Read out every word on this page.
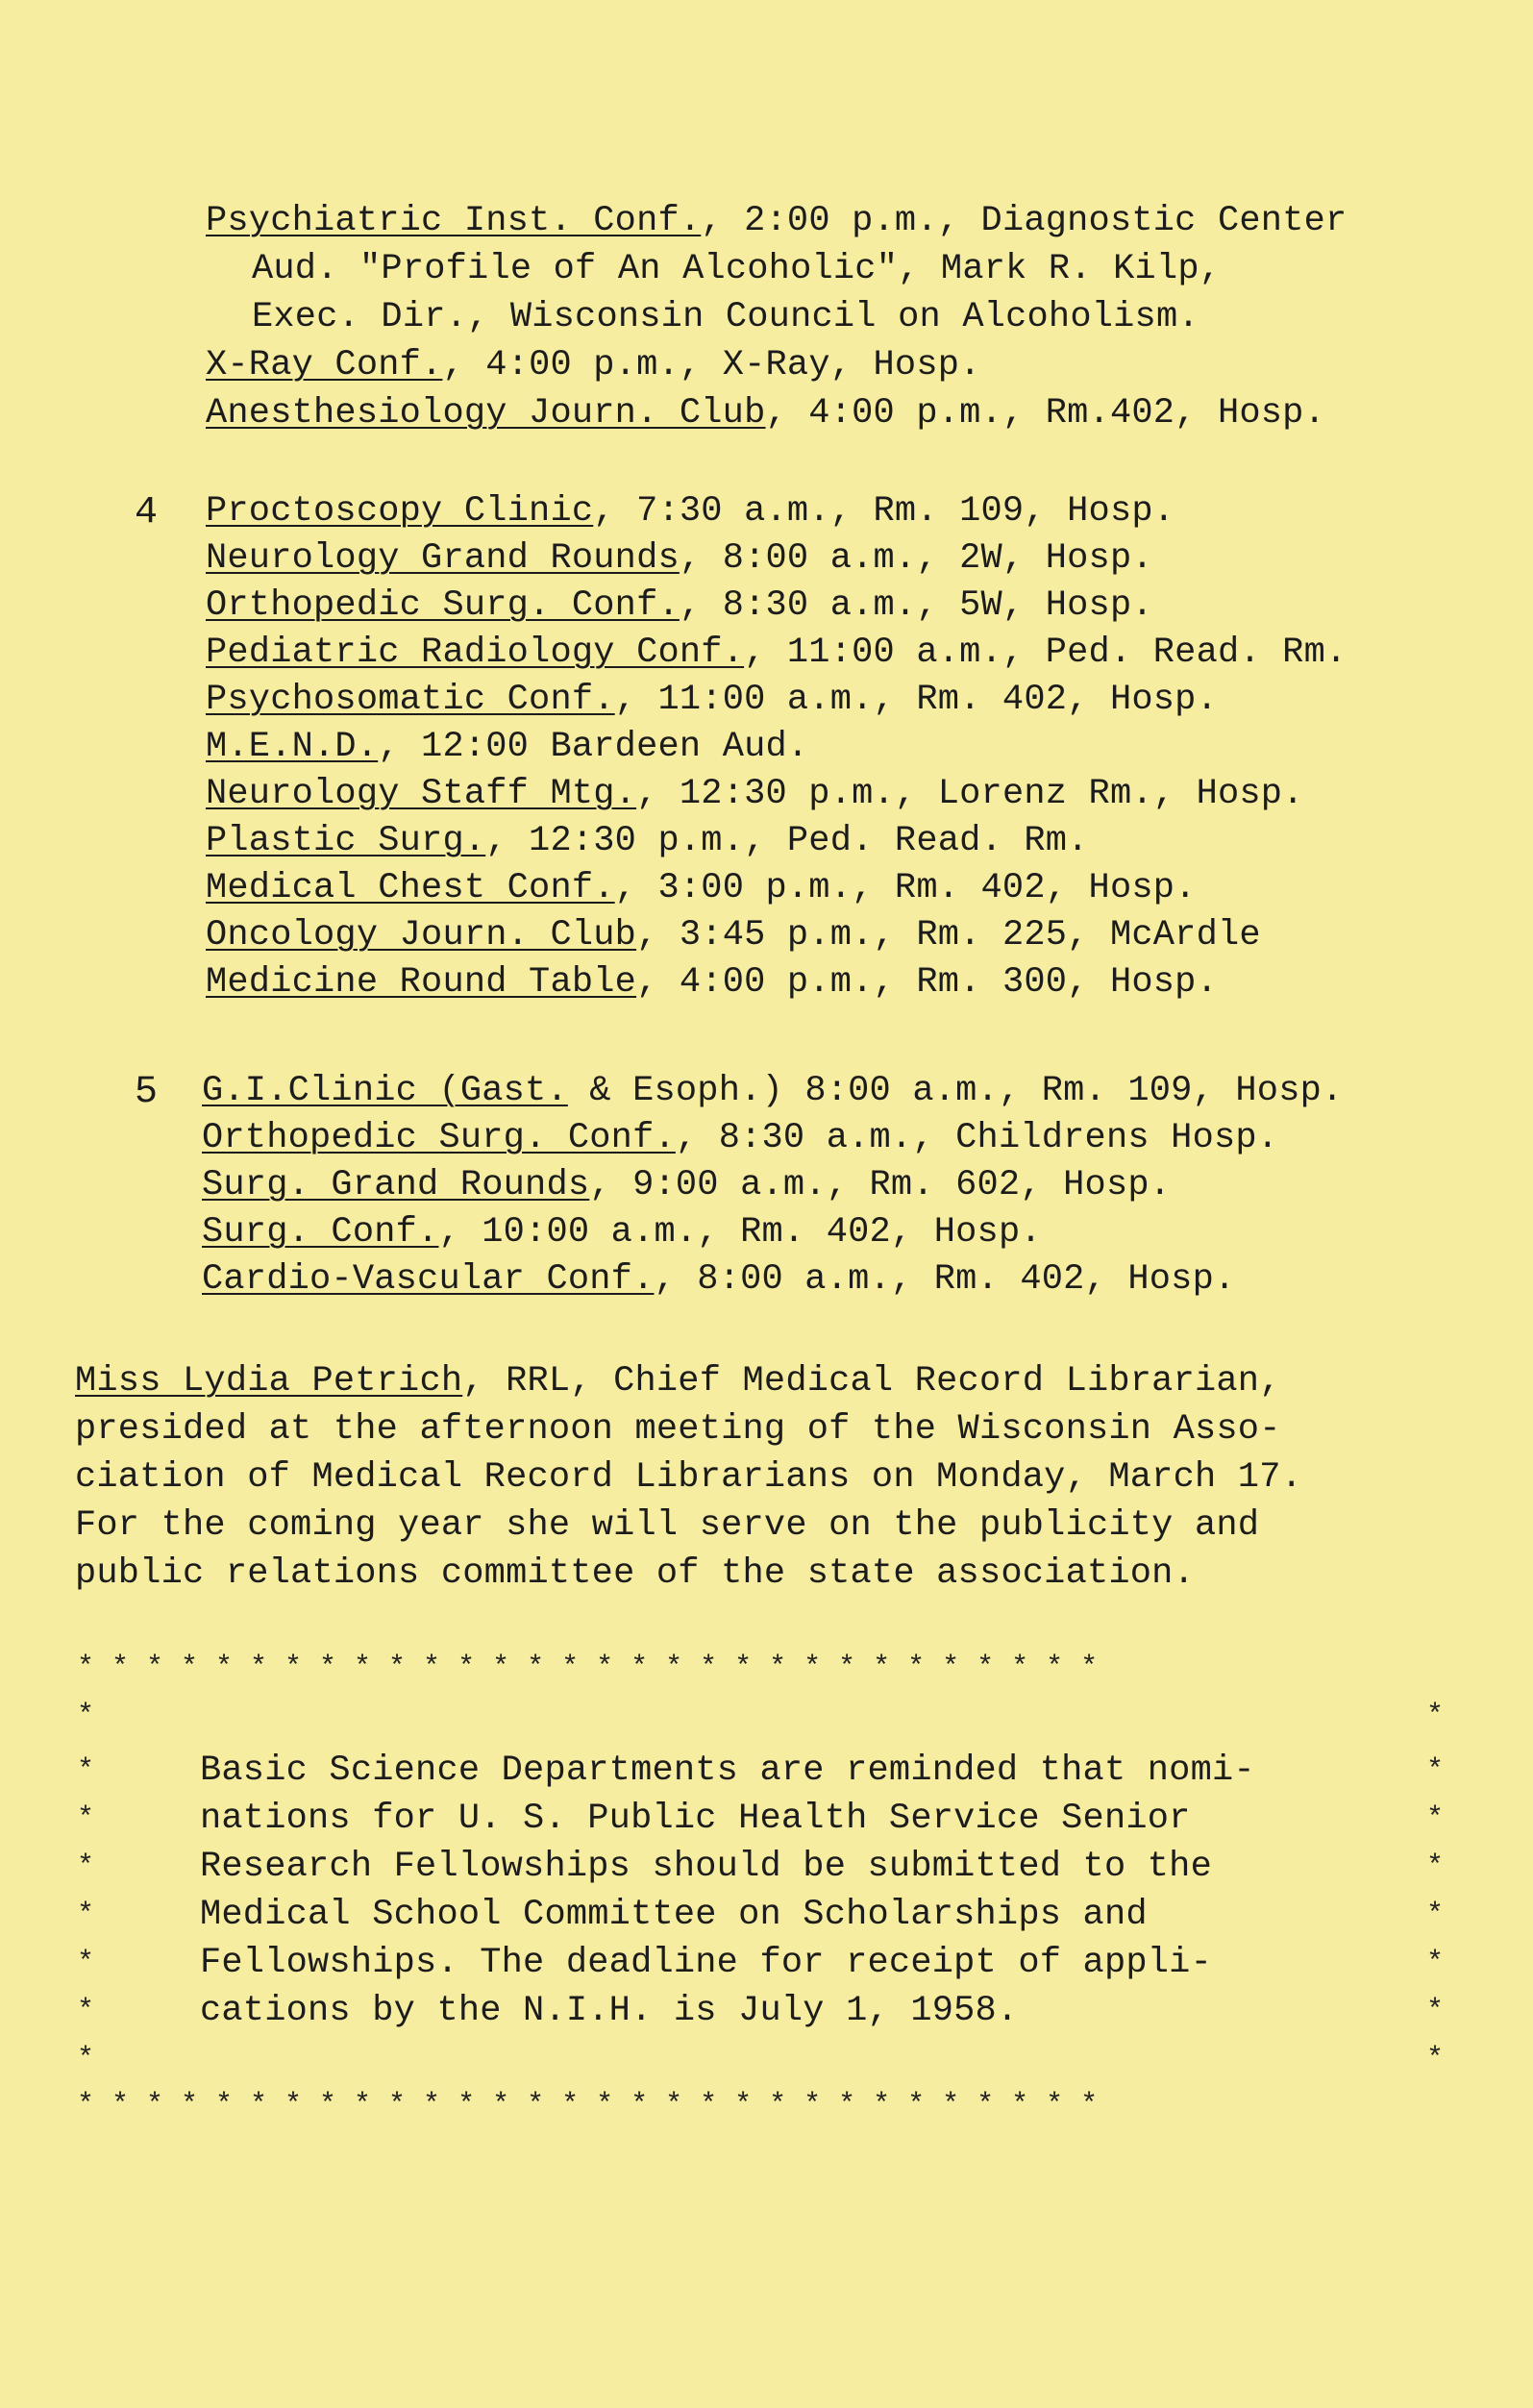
Psychiatric Inst. Conf., 2:00 p.m., Diagnostic Center
Aud. "Profile of An Alcoholic", Mark R. Kilp,
Exec. Dir., Wisconsin Council on Alcoholism.
X-Ray Conf., 4:00 p.m., X-Ray, Hosp.
Anesthesiology Journ. Club, 4:00 p.m., Rm.402, Hosp.
4 Proctoscopy Clinic, 7:30 a.m., Rm. 109, Hosp.
Neurology Grand Rounds, 8:00 a.m., 2W, Hosp.
Orthopedic Surg. Conf., 8:30 a.m., 5W, Hosp.
Pediatric Radiology Conf., 11:00 a.m., Ped. Read. Rm.
Psychosomatic Conf., 11:00 a.m., Rm. 402, Hosp.
M.E.N.D., 12:00 Bardeen Aud.
Neurology Staff Mtg., 12:30 p.m., Lorenz Rm., Hosp.
Plastic Surg., 12:30 p.m., Ped. Read. Rm.
Medical Chest Conf., 3:00 p.m., Rm. 402, Hosp.
Oncology Journ. Club, 3:45 p.m., Rm. 225, McArdle
Medicine Round Table, 4:00 p.m., Rm. 300, Hosp.
5 G.I.Clinic (Gast. & Esoph.) 8:00 a.m., Rm. 109, Hosp.
Orthopedic Surg. Conf., 8:30 a.m., Childrens Hosp.
Surg. Grand Rounds, 9:00 a.m., Rm. 602, Hosp.
Surg. Conf., 10:00 a.m., Rm. 402, Hosp.
Cardio-Vascular Conf., 8:00 a.m., Rm. 402, Hosp.
Miss Lydia Petrich, RRL, Chief Medical Record Librarian,
presided at the afternoon meeting of the Wisconsin Asso-
ciation of Medical Record Librarians on Monday, March 17.
For the coming year she will serve on the publicity and
public relations committee of the state association.
* * * * * * * * * * * * * * * * * * * * * * * * * * * * * *
*	*
*	*
Basic Science Departments are reminded that nomi-
*	*
nations for U. S. Public Health Service Senior
*	*
Research Fellowships should be submitted to the
*	*
Medical School Committee on Scholarships and
*	*
Fellowships. The deadline for receipt of appli-
*	*
cations by the N.I.H. is July 1, 1958.
*	*
* * * * * * * * * * * * * * * * * * * * * * * * * * * * * *
